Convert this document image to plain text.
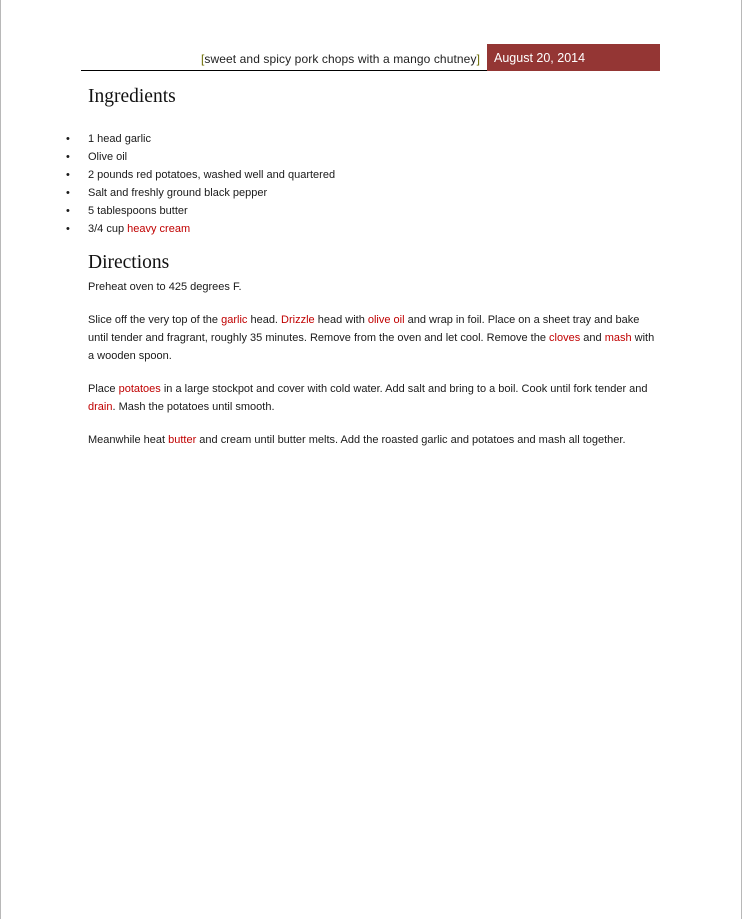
[sweet and spicy pork chops with a mango chutney]	August 20, 2014
Ingredients
• 1 head garlic
• Olive oil
• 2 pounds red potatoes, washed well and quartered
• Salt and freshly ground black pepper
• 5 tablespoons butter
• 3/4 cup heavy cream
Directions

Preheat oven to 425 degrees F.

Slice off the very top of the garlic head. Drizzle head with olive oil and wrap in foil. Place on a sheet tray and bake until tender and fragrant, roughly 35 minutes. Remove from the oven and let cool. Remove the cloves and mash with a wooden spoon.

Place potatoes in a large stockpot and cover with cold water. Add salt and bring to a boil. Cook until fork tender and drain. Mash the potatoes until smooth.

Meanwhile heat butter and cream until butter melts. Add the roasted garlic and potatoes and mash all together.
